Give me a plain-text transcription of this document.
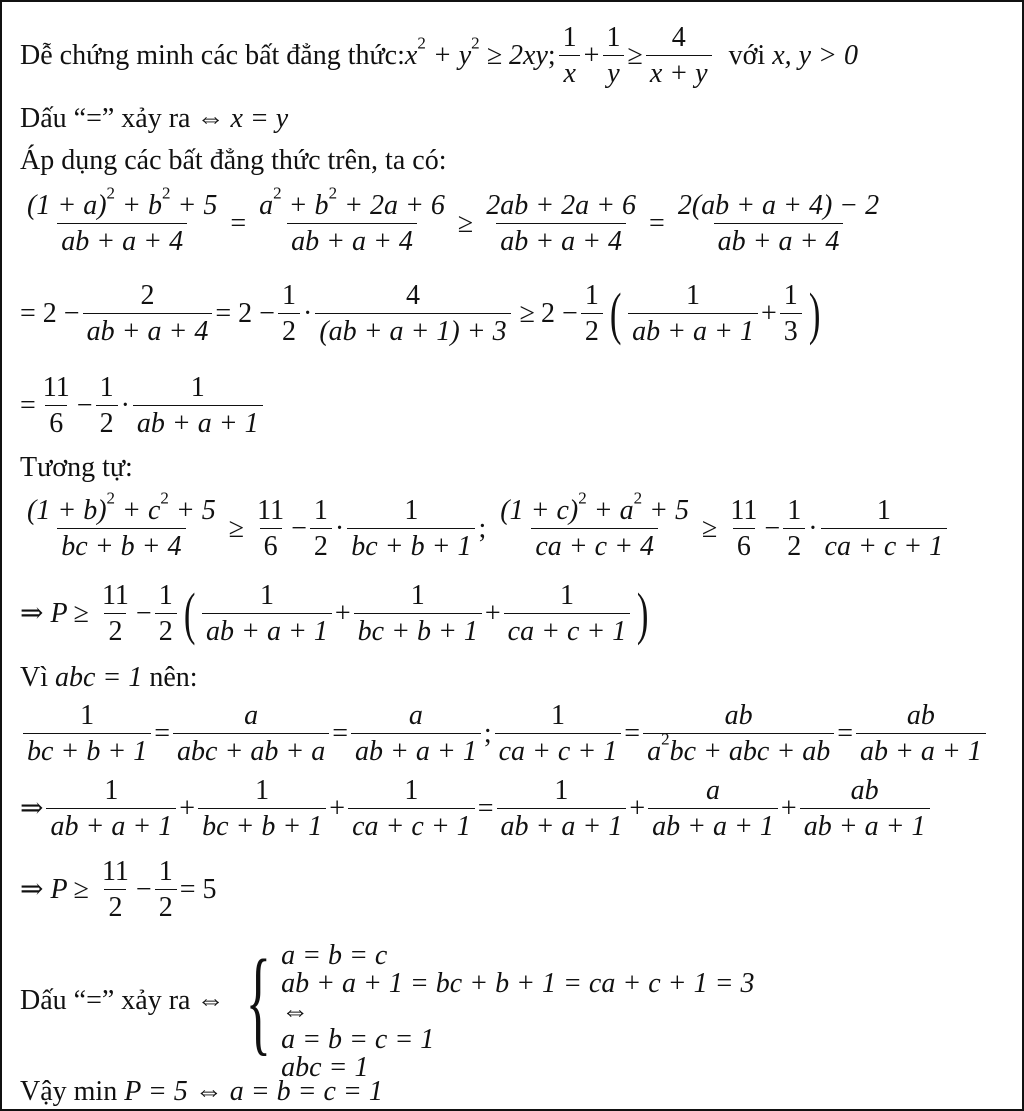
Dễ chứng minh các bất đẳng thức: $x^2 + y^2 \ge 2xy$ ; $\frac{1}{x} + \frac{1}{y} \ge \frac{4}{x + y}$ với x, y > 0
Dấu “=” xảy ra ⇔ x = y
Áp dụng các bất đẳng thức trên, ta có:
$\frac{(1 + a)^2 + b^2 + 5}{ab + a + 4} = \frac{a^2 + b^2 + 2a + 6}{ab + a + 4} \ge \frac{2ab + 2a + 6}{ab + a + 4} = \frac{2(ab + a + 4) - 2}{ab + a + 4}$
= $2 - \frac{2}{ab + a + 4} = 2 - \frac{1}{2} \cdot \frac{4}{(ab + a + 1) + 3} \ge 2 - \frac{1}{2}$ ( $\frac{1}{ab + a + 1} + \frac{1}{3}$ )
= $\frac{11}{6} - \frac{1}{2} \cdot \frac{1}{ab + a + 1}$
Tương tự:
$\frac{(1 + b)^2 + c^2 + 5}{bc + b + 4} \ge \frac{11}{6} - \frac{1}{2} \cdot \frac{1}{bc + b + 1}$ ; $\frac{(1 + c)^2 + a^2 + 5}{ca + c + 4} \ge \frac{11}{6} - \frac{1}{2} \cdot \frac{1}{ca + c + 1}$
⇒ $P \ge \frac{11}{2} - \frac{1}{2}$ ( $\frac{1}{ab + a + 1} + \frac{1}{bc + b + 1} + \frac{1}{ca + c + 1}$ )
Vì abc = 1 nên:
$\frac{1}{bc + b + 1} = \frac{a}{\text{abc + ab + a}} = \frac{a}{ab + a + 1}$ ; $\frac{1}{ca + c + 1} = \frac{ab}{a^2bc + abc + ab} = \frac{ab}{ab + a + 1}$
⇒ $\frac{1}{ab + a + 1} + \frac{1}{bc + b + 1} + \frac{1}{ca + c + 1} = \frac{1}{ab + a + 1} + \frac{a}{ab + a + 1} + \frac{ab}{ab + a + 1}$
⇒ $P \ge \frac{11}{2} - \frac{1}{2} = 5$
Dấu “=” xảy ra ⇔ { a = b = c
ab + a + 1 = bc + b + 1 = ca + c + 1 = 3
⇔
a = b = c = 1
abc = 1
Vậy min P = 5 ⇔ a = b = c = 1
